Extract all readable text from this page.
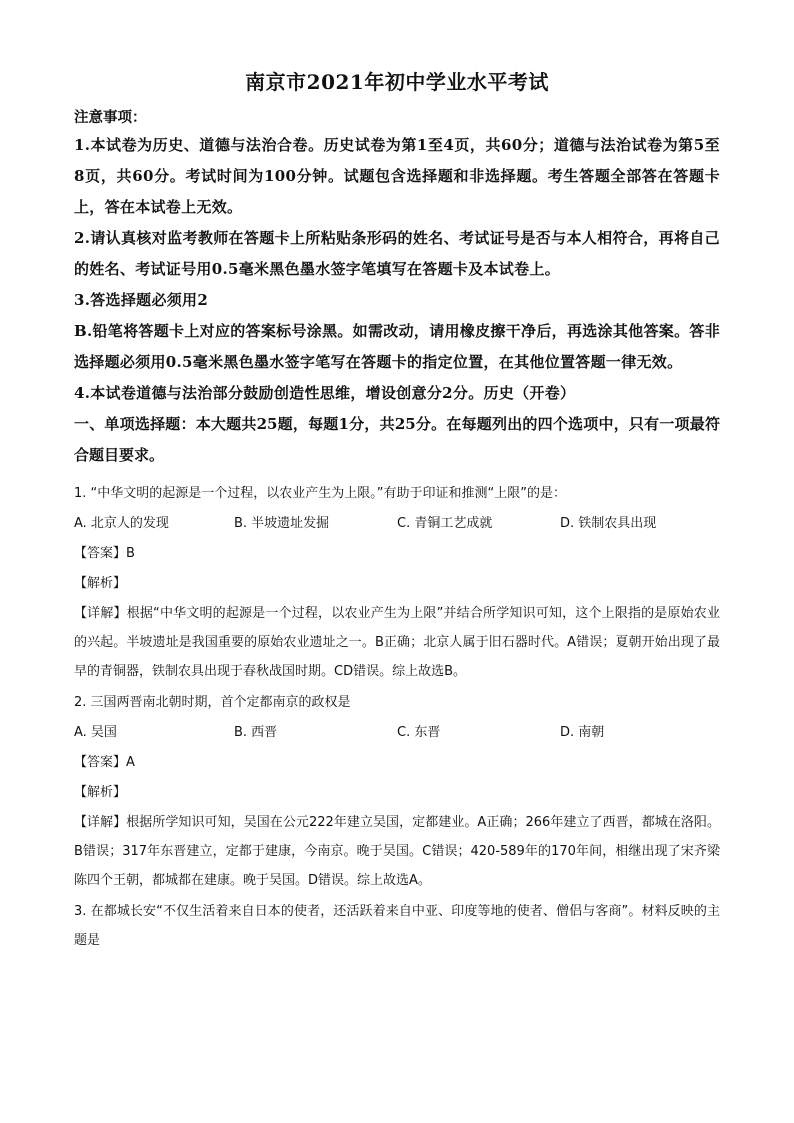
南京市2021年初中学业水平考试
注意事项：

1.本试卷为历史、道德与法治合卷。历史试卷为第1至4页，共60分；道德与法治试卷为第5至8页，共60分。考试时间为100分钟。试题包含选择题和非选择题。考生答题全部答在答题卡上，答在本试卷上无效。

2.请认真核对监考教师在答题卡上所粘贴条形码的姓名、考试证号是否与本人相符合，再将自己的姓名、考试证号用0.5毫米黑色墨水签字笔填写在答题卡及本试卷上。

3.答选择题必须用2

B.铅笔将答题卡上对应的答案标号涂黑。如需改动，请用橡皮擦干净后，再选涂其他答案。答非选择题必须用0.5毫米黑色墨水签字笔写在答题卡的指定位置，在其他位置答题一律无效。

4.本试卷道德与法治部分鼓励创造性思维，增设创意分2分。历史（开卷）

一、单项选择题：本大题共25题，每题1分，共25分。在每题列出的四个选项中，只有一项最符合题目要求。

1. “中华文明的起源是一个过程，以农业产生为上限。”有助于印证和推测“上限”的是：

A. 北京人的发现	B. 半坡遗址发掘	C. 青铜工艺成就	D. 铁制农具出现
【答案】B
【解析】

【详解】根据“中华文明的起源是一个过程，以农业产生为上限”并结合所学知识可知，这个上限指的是原始农业的兴起。半坡遗址是我国重要的原始农业遗址之一。B正确；北京人属于旧石器时代。A错误；夏朝开始出现了最早的青铜器，铁制农具出现于春秋战国时期。CD错误。综上故选B。

2. 三国两晋南北朝时期，首个定都南京的政权是

A. 吴国	B. 西晋	C. 东晋	D. 南朝
【答案】A
【解析】

【详解】根据所学知识可知，吴国在公元222年建立吴国，定都建业。A正确；266年建立了西晋，都城在洛阳。B错误；317年东晋建立，定都于建康，今南京。晚于吴国。C错误；420-589年的170年间，相继出现了宋齐梁陈四个王朝，都城都在建康。晚于吴国。D错误。综上故选A。

3. 在都城长安“不仅生活着来自日本的使者，还活跃着来自中亚、印度等地的使者、僧侣与客商”。材料反映的主题是
